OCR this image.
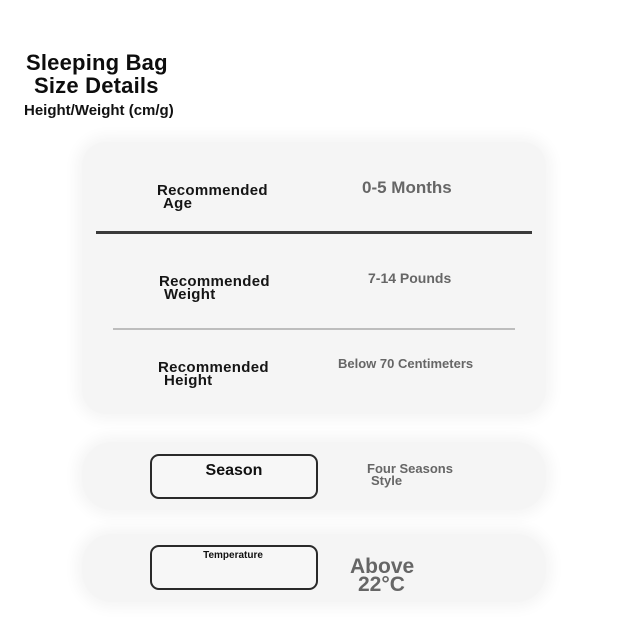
Sleeping Bag
Size Details
Height/Weight (cm/g)
Recommended
Age
0-5 Months
Recommended
Weight
7-14 Pounds
Recommended
Height
Below 70 Centimeters
Season	Four Seasons
Style
Temperature	Above
22°C
